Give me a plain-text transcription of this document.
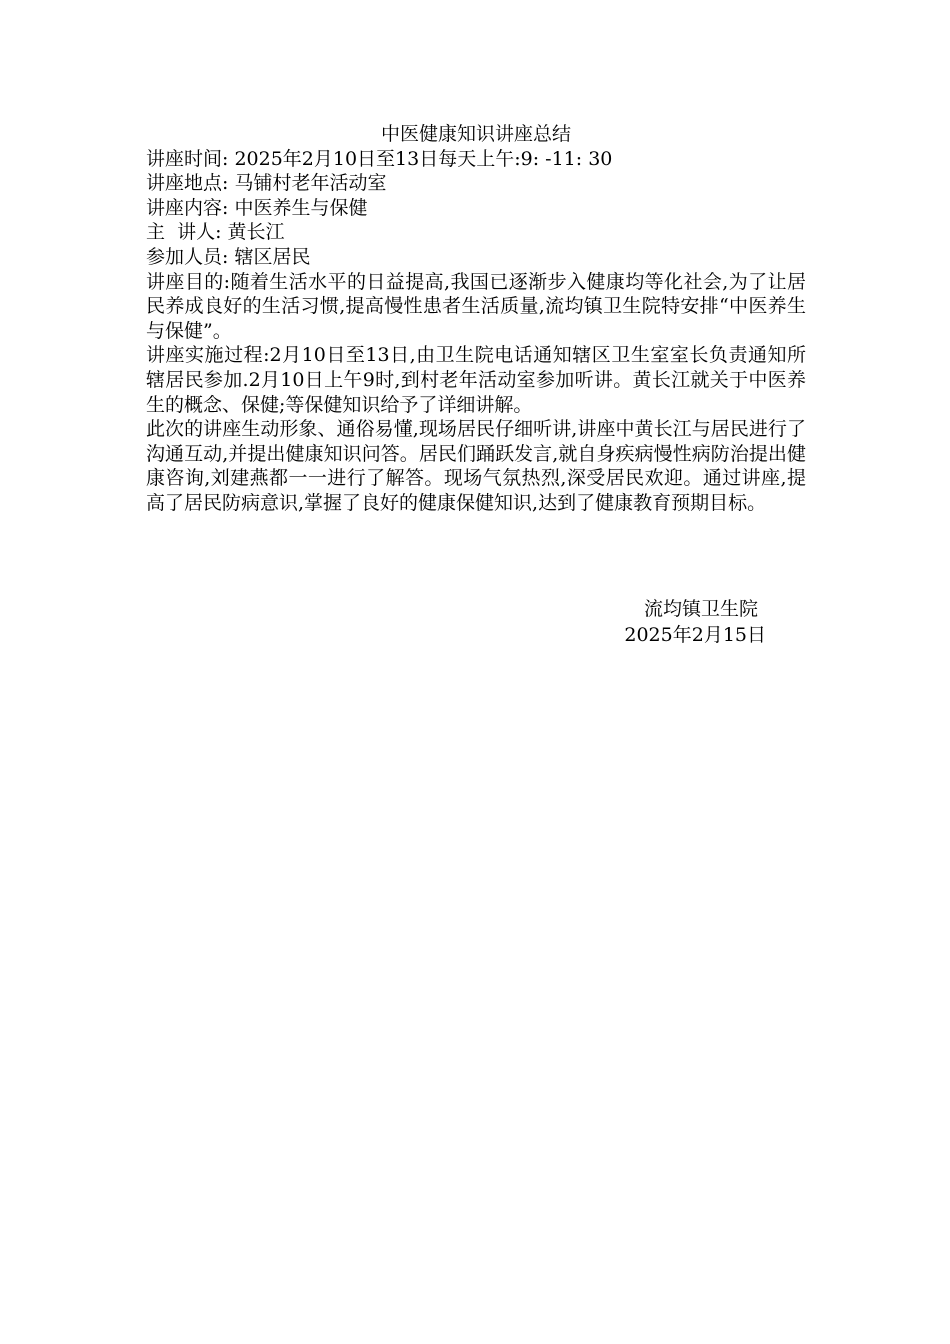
中医健康知识讲座总结

讲座时间: 2025年2月10日至13日每天上午:9: -11: 30

讲座地点: 马铺村老年活动室

讲座内容: 中医养生与保健

主  讲人: 黄长江

参加人员: 辖区居民

讲座目的:随着生活水平的日益提高,我国已逐渐步入健康均等化社会,为了让居民养成良好的生活习惯,提高慢性患者生活质量,流均镇卫生院特安排“中医养生与保健”。

讲座实施过程:2月10日至13日,由卫生院电话通知辖区卫生室室长负责通知所辖居民参加.2月10日上午9时,到村老年活动室参加听讲。黄长江就关于中医养生的概念、保健;等保健知识给予了详细讲解。

此次的讲座生动形象、通俗易懂,现场居民仔细听讲,讲座中黄长江与居民进行了沟通互动,并提出健康知识问答。居民们踊跃发言,就自身疾病慢性病防治提出健康咨询,刘建燕都一一进行了解答。现场气氛热烈,深受居民欢迎。通过讲座,提高了居民防病意识,掌握了良好的健康保健知识,达到了健康教育预期目标。

流均镇卫生院

2025年2月15日
